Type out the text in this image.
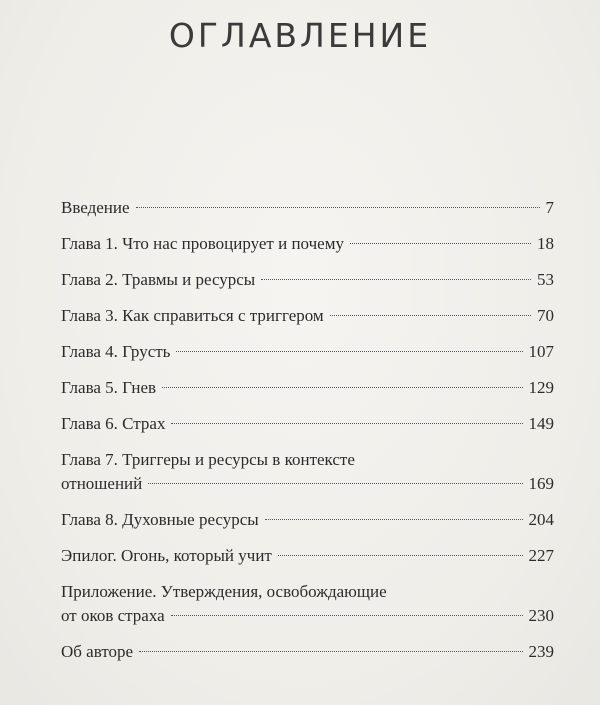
ОГЛАВЛЕНИЕ
Введение	7
Глава 1. Что нас провоцирует и почему	18
Глава 2. Травмы и ресурсы	53
Глава 3. Как справиться с триггером	70
Глава 4. Грусть	107
Глава 5. Гнев	129
Глава 6. Страх	149
Глава 7. Триггеры и ресурсы в контексте
отношений	169
Глава 8. Духовные ресурсы	204
Эпилог. Огонь, который учит	227
Приложение. Утверждения, освобождающие
от оков страха	230
Об авторе	239
